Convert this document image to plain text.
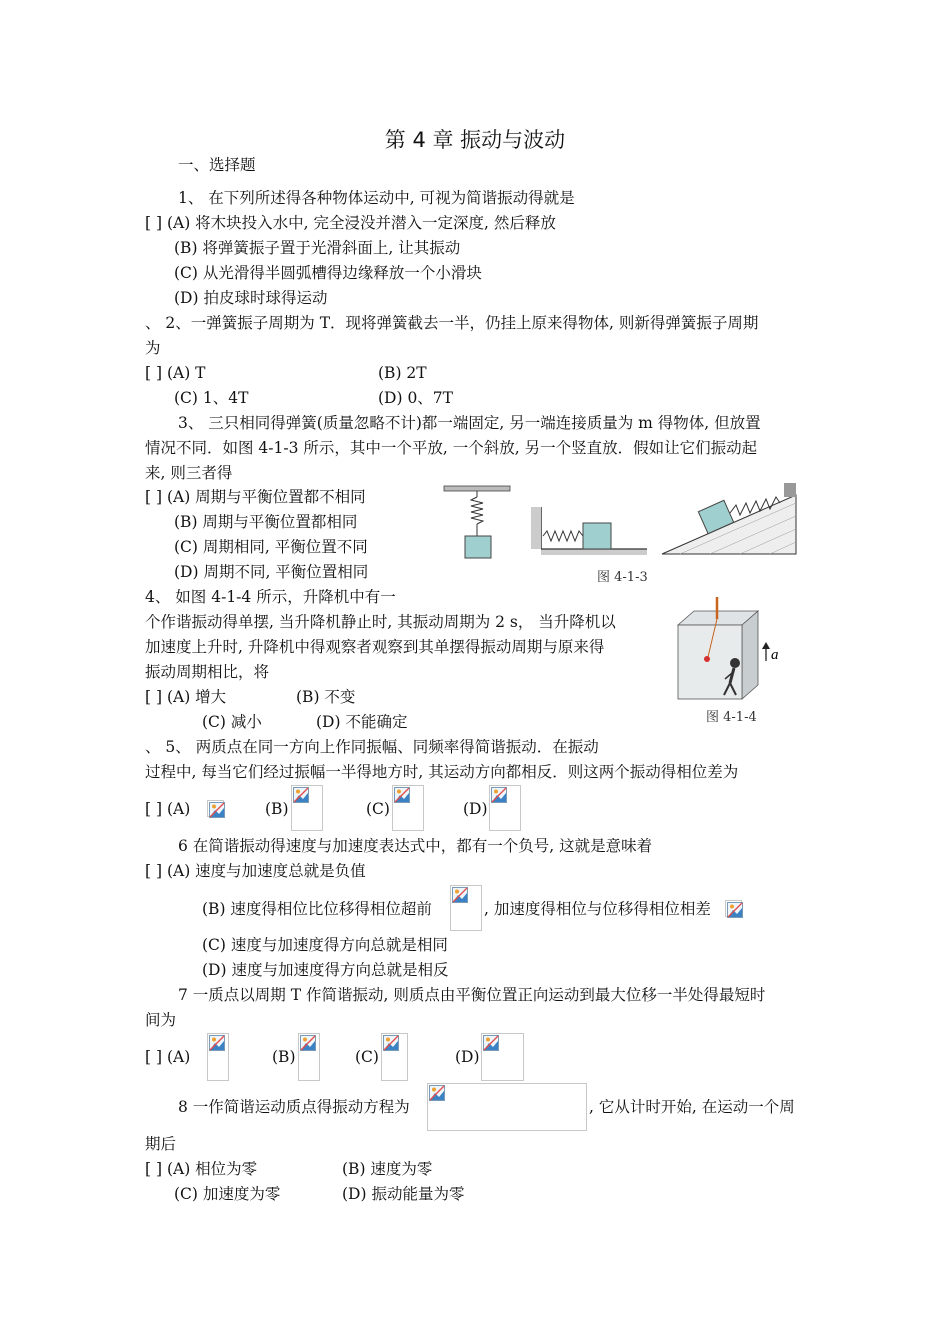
第 4 章 振动与波动
一、选择题
1、 在下列所述得各种物体运动中, 可视为简谐振动得就是
[ ] (A) 将木块投入水中, 完全浸没并潜入一定深度, 然后释放
(B) 将弹簧振子置于光滑斜面上, 让其振动
(C) 从光滑得半圆弧槽得边缘释放一个小滑块
(D) 拍皮球时球得运动
、 2、一弹簧振子周期为 T．现将弹簧截去一半，仍挂上原来得物体, 则新得弹簧振子周期
为
[ ] (A) T	(B) 2T
(C) 1、4T	(D) 0、7T
3、 三只相同得弹簧(质量忽略不计)都一端固定, 另一端连接质量为 m 得物体, 但放置
情况不同．如图 4-1-3 所示，其中一个平放, 一个斜放, 另一个竖直放．假如让它们振动起
来, 则三者得
[ ] (A) 周期与平衡位置都不相同
(B) 周期与平衡位置都相同
(C) 周期相同, 平衡位置不同
(D) 周期不同, 平衡位置相同	图 4-1-3
4、 如图 4-1-4 所示，升降机中有一
个作谐振动得单摆, 当升降机静止时, 其振动周期为 2 s， 当升降机以
加速度上升时, 升降机中得观察者观察到其单摆得振动周期与原来得
振动周期相比，将
[ ] (A) 增大	(B) 不变
(C) 减小	(D) 不能确定
a
图 4-1-4
、 5、 两质点在同一方向上作同振幅、同频率得简谐振动．在振动
过程中, 每当它们经过振幅一半得地方时, 其运动方向都相反．则这两个振动得相位差为
[ ] (A)	(B)	(C)	(D)
6 在简谐振动得速度与加速度表达式中，都有一个负号, 这就是意味着
[ ] (A) 速度与加速度总就是负值
(B) 速度得相位比位移得相位超前	, 加速度得相位与位移得相位相差
(C) 速度与加速度得方向总就是相同
(D) 速度与加速度得方向总就是相反
7 一质点以周期 T 作简谐振动, 则质点由平衡位置正向运动到最大位移一半处得最短时
间为
[ ] (A)	(B)	(C)	(D)
8 一作简谐运动质点得振动方程为	, 它从计时开始, 在运动一个周
期后
[ ] (A) 相位为零	(B) 速度为零
(C) 加速度为零	(D) 振动能量为零
